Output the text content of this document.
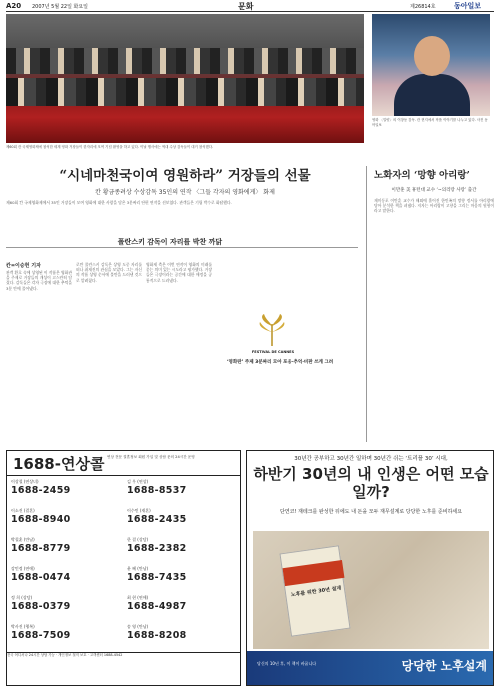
A20 2007년 5월 22일 화요일	문화	제26814호	동아일보
제60회 칸 국제영화제에 참석한 세계 영화 거장들이 한자리에 모여 기념 촬영을 하고 있다. 이날 행사에는 역대 수상 감독들이 대거 참석했다.
영화 〈밀양〉의 이창동 감독. 칸 현지에서 작품 이야기를 나누고 있다. 사진 동아일보
“시네마천국이여 영원하라” 거장들의 선물
칸 황금종려상 수상감독 35인의 연작 〈그들 각자의 영화에게〉 화제
제60회 칸 국제영화제에서 35인 거장들이 모여 영화에 대한 사랑을 담은 3분짜리 단편 연작을 선보였다. 관객들은 기립 박수로 화답했다.
폴란스키 감독이 자리를 박찬 까닭
칸=이승헌 기자
관객 환호 속에 상영된 이 작품은 영화관을 주제로 거장들의 개성이 고스란히 담겼다. 감독들은 각자 극장에 대한 추억을 3분 안에 풀어냈다.
로만 폴란스키 감독은 상영 도중 자리를 떠나 취재진의 관심을 모았다. 그는 자신의 작품 상영 순서에 불만을 드러낸 것으로 알려졌다.
영화제 측은 이번 연작이 영화의 미래를 묻는 의미 있는 시도라고 평가했다. 거장들은 극장이라는 공간에 대한 애정을 공통적으로 드러냈다.
FESTIVAL DE CANNES
‘영화란’ 주제 3분짜리 모아 포옹·추억·비판 쓰게 그려
노화자의 ‘망향 아리랑’
이만훈 美 휴턴대 교수 ‘~의리랑 사랑’ 출간
재미동포 이만훈 교수가 해외에 흩어진 한민족의 망향 정서를 아리랑에 담아 분석한 책을 펴냈다. 저자는 아리랑이 고향을 그리는 마음의 원형이라고 말한다.
1688-연상콜 연상 전문 결혼정보 회원 가입 및 상담 문의 24시간 운영
이상철 (연상녀)
1688-2459
김 우 (연상)
1688-8537
이소진 (결혼)
1688-8940
이수민 (재혼)
1688-2435
박철훈 (만남)
1688-8779
한 결 (상담)
1688-2382
강민정 (연애)
1688-0474
윤 혜 (만남)
1688-7435
정 희 (상담)
1688-0379
최 현 (연애)
1688-4987
박사진 (행복)
1688-7509
송 영 (만남)
1688-8208
전국 어디서나 24시간 상담 가능 · 개인정보 철저 보호 · 고객센터 1688-4542
30년간 공부하고 30년간 일하며 30년간 쉬는 ‘트리플 30’ 시대,
하반기 30년의 내 인생은 어떤 모습일까?
단연코! 재테크를 완성한 뒤에도 내 돈을 모두 재무설계로 당당한 노후를 준비하세요
노후를 위한 30년 설계
당신의 10년 후, 이 책이 바꿉니다	당당한 노후설계
